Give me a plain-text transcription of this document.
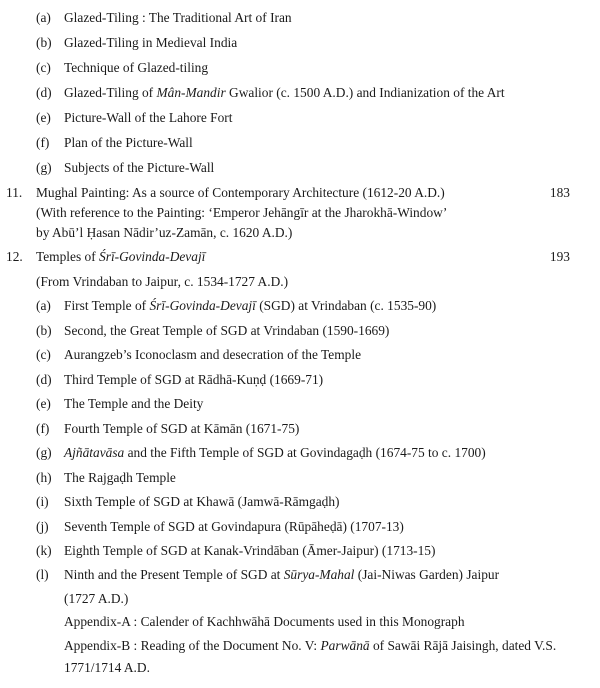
(a) Glazed-Tiling : The Traditional Art of Iran
(b) Glazed-Tiling in Medieval India
(c) Technique of Glazed-tiling
(d) Glazed-Tiling of Mân-Mandir Gwalior (c. 1500 A.D.) and Indianization of the Art
(e) Picture-Wall of the Lahore Fort
(f) Plan of the Picture-Wall
(g) Subjects of the Picture-Wall
11. Mughal Painting: As a source of Contemporary Architecture (1612-20 A.D.)	183
(With reference to the Painting: ‘Emperor Jehāngīr at the Jharokhā-Window’
by Abū’l Ḥasan Nādir’uz-Zamān, c. 1620 A.D.)
12. Temples of Śrī-Govinda-Devajī	193
(From Vrindaban to Jaipur, c. 1534-1727 A.D.)
(a) First Temple of Śrī-Govinda-Devajī (SGD) at Vrindaban (c. 1535-90)
(b) Second, the Great Temple of SGD at Vrindaban (1590-1669)
(c) Aurangzeb’s Iconoclasm and desecration of the Temple
(d) Third Temple of SGD at Rādhā-Kuṇḍ (1669-71)
(e) The Temple and the Deity
(f) Fourth Temple of SGD at Kāmān (1671-75)
(g) Ajñātavāsa and the Fifth Temple of SGD at Govindagaḍh (1674-75 to c. 1700)
(h) The Rajgaḍh Temple
(i) Sixth Temple of SGD at Khawā (Jamwā-Rāmgaḍh)
(j) Seventh Temple of SGD at Govindapura (Rūpāheḍā) (1707-13)
(k) Eighth Temple of SGD at Kanak-Vrindāban (Āmer-Jaipur) (1713-15)
(l) Ninth and the Present Temple of SGD at Sūrya-Mahal (Jai-Niwas Garden) Jaipur
(1727 A.D.)
Appendix-A : Calender of Kachhwāhā Documents used in this Monograph
Appendix-B : Reading of the Document No. V: Parwānā of Sawāi Rājā Jaisingh, dated V.S.
1771/1714 A.D.
